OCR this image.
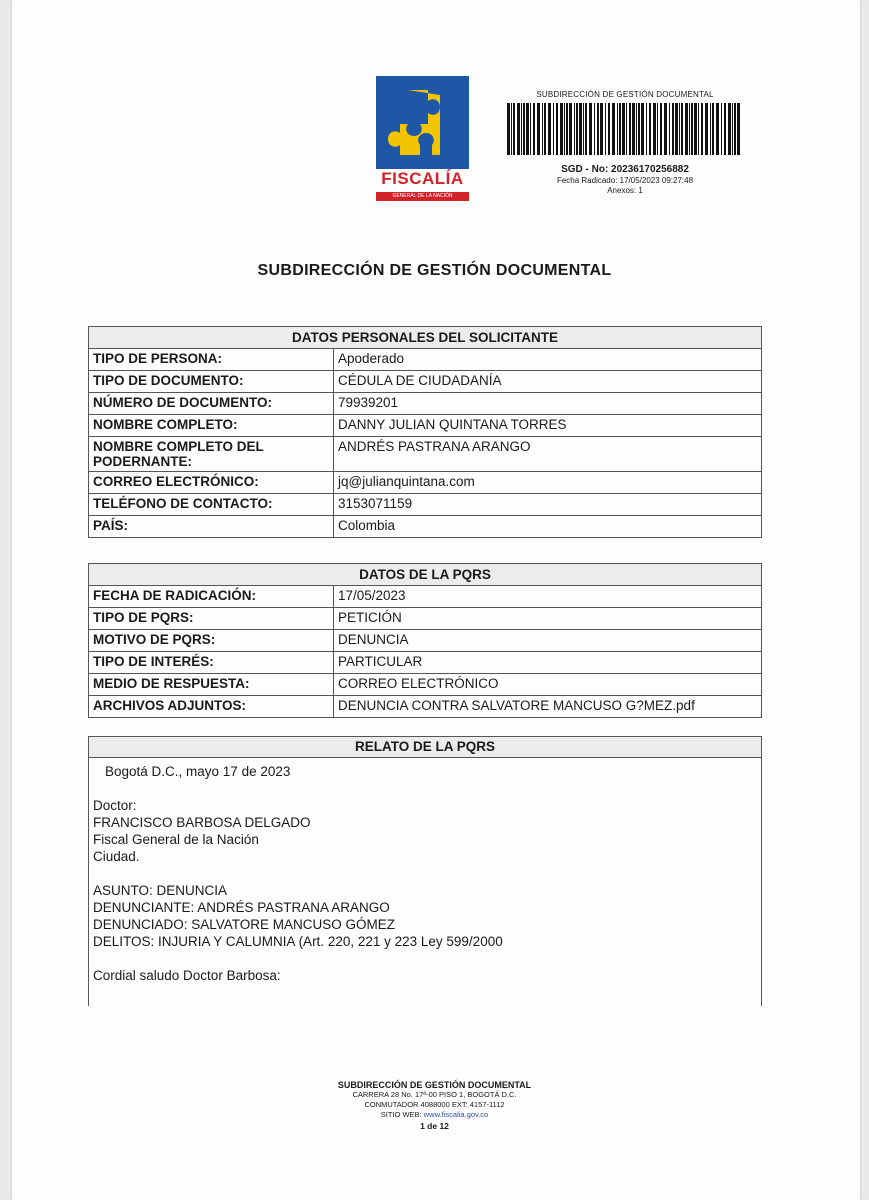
FISCALÍA
GENERAL DE LA NACIÓN
SUBDIRECCIÓN DE GESTIÓN DOCUMENTAL
SGD - No: 20236170256882
Fecha Radicado: 17/05/2023 09:27:48
Anexos: 1
SUBDIRECCIÓN DE GESTIÓN DOCUMENTAL
DATOS PERSONALES DEL SOLICITANTE	
TIPO DE PERSONA:	Apoderado
TIPO DE DOCUMENTO:	CÉDULA DE CIUDADANÍA
NÚMERO DE DOCUMENTO:	79939201
NOMBRE COMPLETO:	DANNY JULIAN QUINTANA TORRES
NOMBRE COMPLETO DEL PODERNANTE:	ANDRÉS PASTRANA ARANGO
CORREO ELECTRÓNICO:	jq@julianquintana.com
TELÉFONO DE CONTACTO:	3153071159
PAÍS:	Colombia
DATOS DE LA PQRS	
FECHA DE RADICACIÓN:	17/05/2023
TIPO DE PQRS:	PETICIÓN
MOTIVO DE PQRS:	DENUNCIA
TIPO DE INTERÉS:	PARTICULAR
MEDIO DE RESPUESTA:	CORREO ELECTRÓNICO
ARCHIVOS ADJUNTOS:	DENUNCIA CONTRA SALVATORE MANCUSO G?MEZ.pdf
RELATO DE LA PQRS
Bogotá D.C., mayo 17 de 2023
Doctor:
FRANCISCO BARBOSA DELGADO
Fiscal General de la Nación
Ciudad.
ASUNTO: DENUNCIA
DENUNCIANTE: ANDRÉS PASTRANA ARANGO
DENUNCIADO: SALVATORE MANCUSO GÓMEZ
DELITOS: INJURIA Y CALUMNIA (Art. 220, 221 y 223 Ley 599/2000
Cordial saludo Doctor Barbosa:
SUBDIRECCIÓN DE GESTIÓN DOCUMENTAL
CARRERA 28 No. 17ª-00 PISO 1, BOGOTÁ D.C.
CONMUTADOR 4088000 EXT: 4157-1112
SITIO WEB: www.fiscalia.gov.co
1 de 12
